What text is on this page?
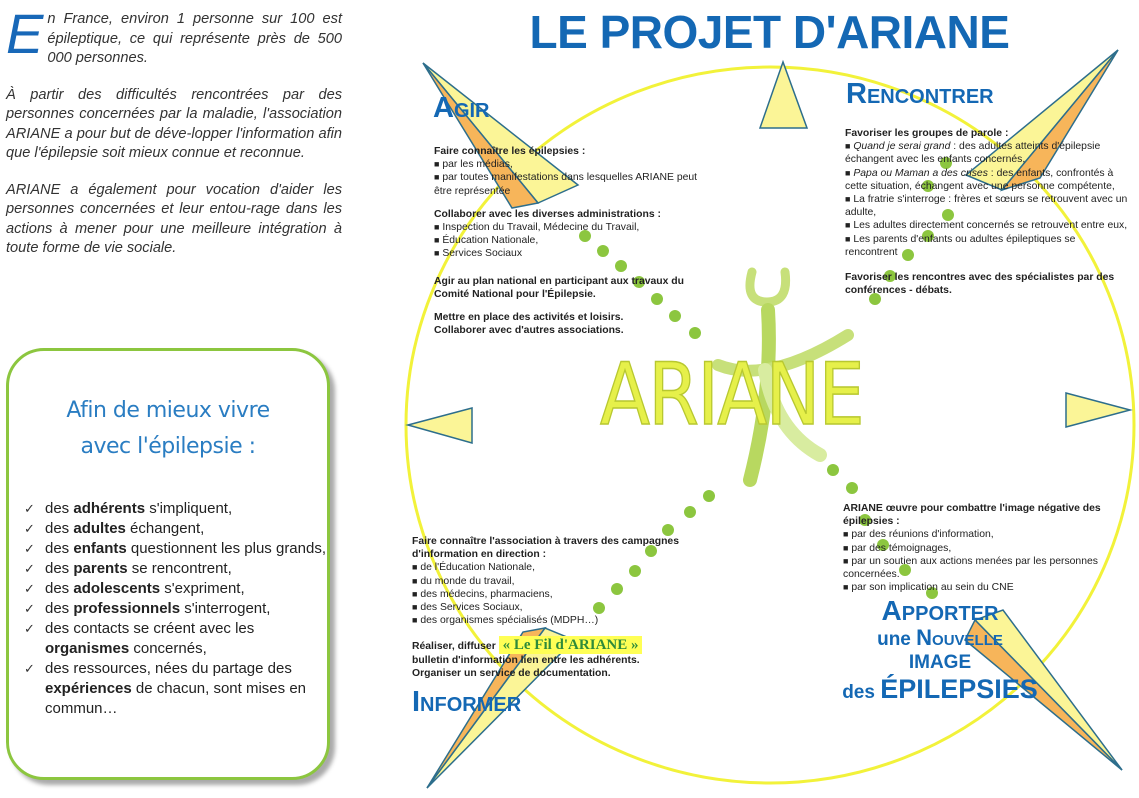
En France, environ 1 personne sur 100 est épileptique, ce qui représente près de 500 000 personnes.

À partir des difficultés rencontrées par des personnes concernées par la maladie, l'association ARIANE a pour but de déve-lopper l'information afin que l'épilepsie soit mieux connue et reconnue.

ARIANE a également pour vocation d'aider les personnes concernées et leur entou-rage dans les actions à mener pour une meilleure intégration à toute forme de vie sociale.

Afin de mieux vivre
avec l'épilepsie :
✓ des adhérents s'impliquent,
✓ des adultes échangent,
✓ des enfants questionnent les plus grands,
✓ des parents se rencontrent,
✓ des adolescents s'expriment,
✓ des professionnels s'interrogent,
✓ des contacts se créent avec les organismes concernés,
✓ des ressources, nées du partage des expériences de chacun, sont mises en commun…
LE PROJET D'ARIANE
Agir

Faire connaître les épilepsies :
■ par les médias,
■ par toutes manifestations dans lesquelles ARIANE peut être représentée

Collaborer avec les diverses administrations :
■ Inspection du Travail, Médecine du Travail,
■ Éducation Nationale,
■ Services Sociaux

Agir au plan national en participant aux travaux du Comité National pour l'Épilepsie.

Mettre en place des activités et loisirs.
Collaborer avec d'autres associations.

Rencontrer

Favoriser les groupes de parole :
■ Quand je serai grand : des adultes atteints d'épilepsie échangent avec les enfants concernés,
■ Papa ou Maman a des crises : des enfants, confrontés à cette situation, échangent avec une personne compétente,
■ La fratrie s'interroge : frères et sœurs se retrouvent avec un adulte,
■ Les adultes directement concernés se retrouvent entre eux,
■ Les parents d'enfants ou adultes épileptiques se rencontrent

Favoriser les rencontres avec des spécialistes par des conférences - débats.

ARIANE

ARIANE œuvre pour combattre l'image négative des épilepsies :
■ par des réunions d'information,
■ par des témoignages,
■ par un soutien aux actions menées par les personnes concernées.
■ par son implication au sein du CNE

Apporter
une Nouvelle
IMAGE
des ÉPILEPSIES

Faire connaître l'association à travers des campagnes d'information en direction :
■ de l'Éducation Nationale,
■ du monde du travail,
■ des médecins, pharmaciens,
■ des Services Sociaux,
■ des organismes spécialisés (MDPH…)

Réaliser, diffuser « Le Fil d'ARIANE »
bulletin d'information lien entre les adhérents.
Organiser un service de documentation.

Informer
